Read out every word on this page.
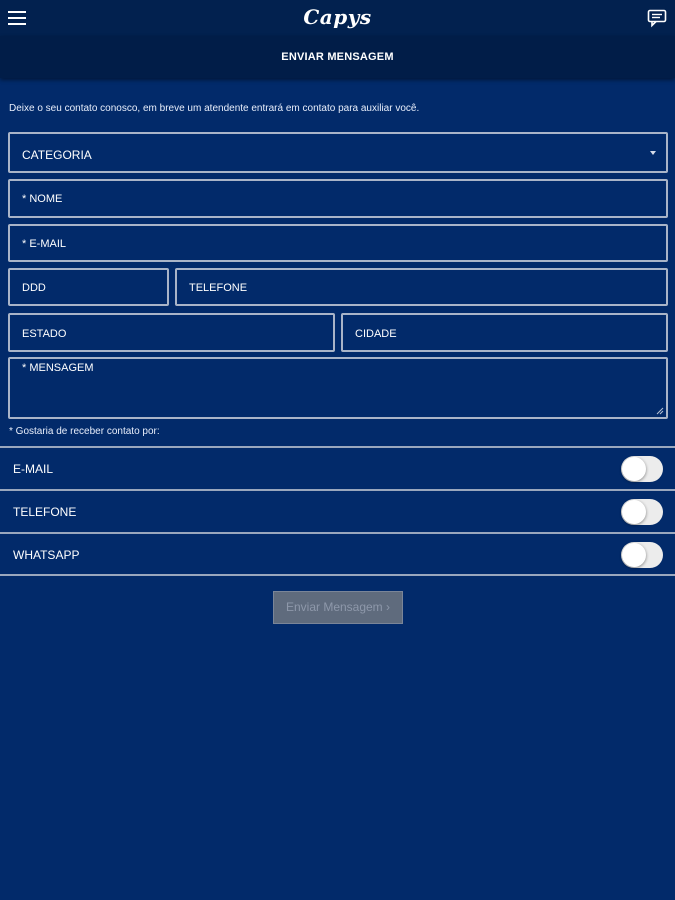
Capys
ENVIAR MENSAGEM
Deixe o seu contato conosco, em breve um atendente entrará em contato para auxiliar você.
CATEGORIA
* NOME
* E-MAIL
DDD	TELEFONE
ESTADO	CIDADE
* MENSAGEM
* Gostaria de receber contato por:
E-MAIL
TELEFONE
WHATSAPP
Enviar Mensagem ›
